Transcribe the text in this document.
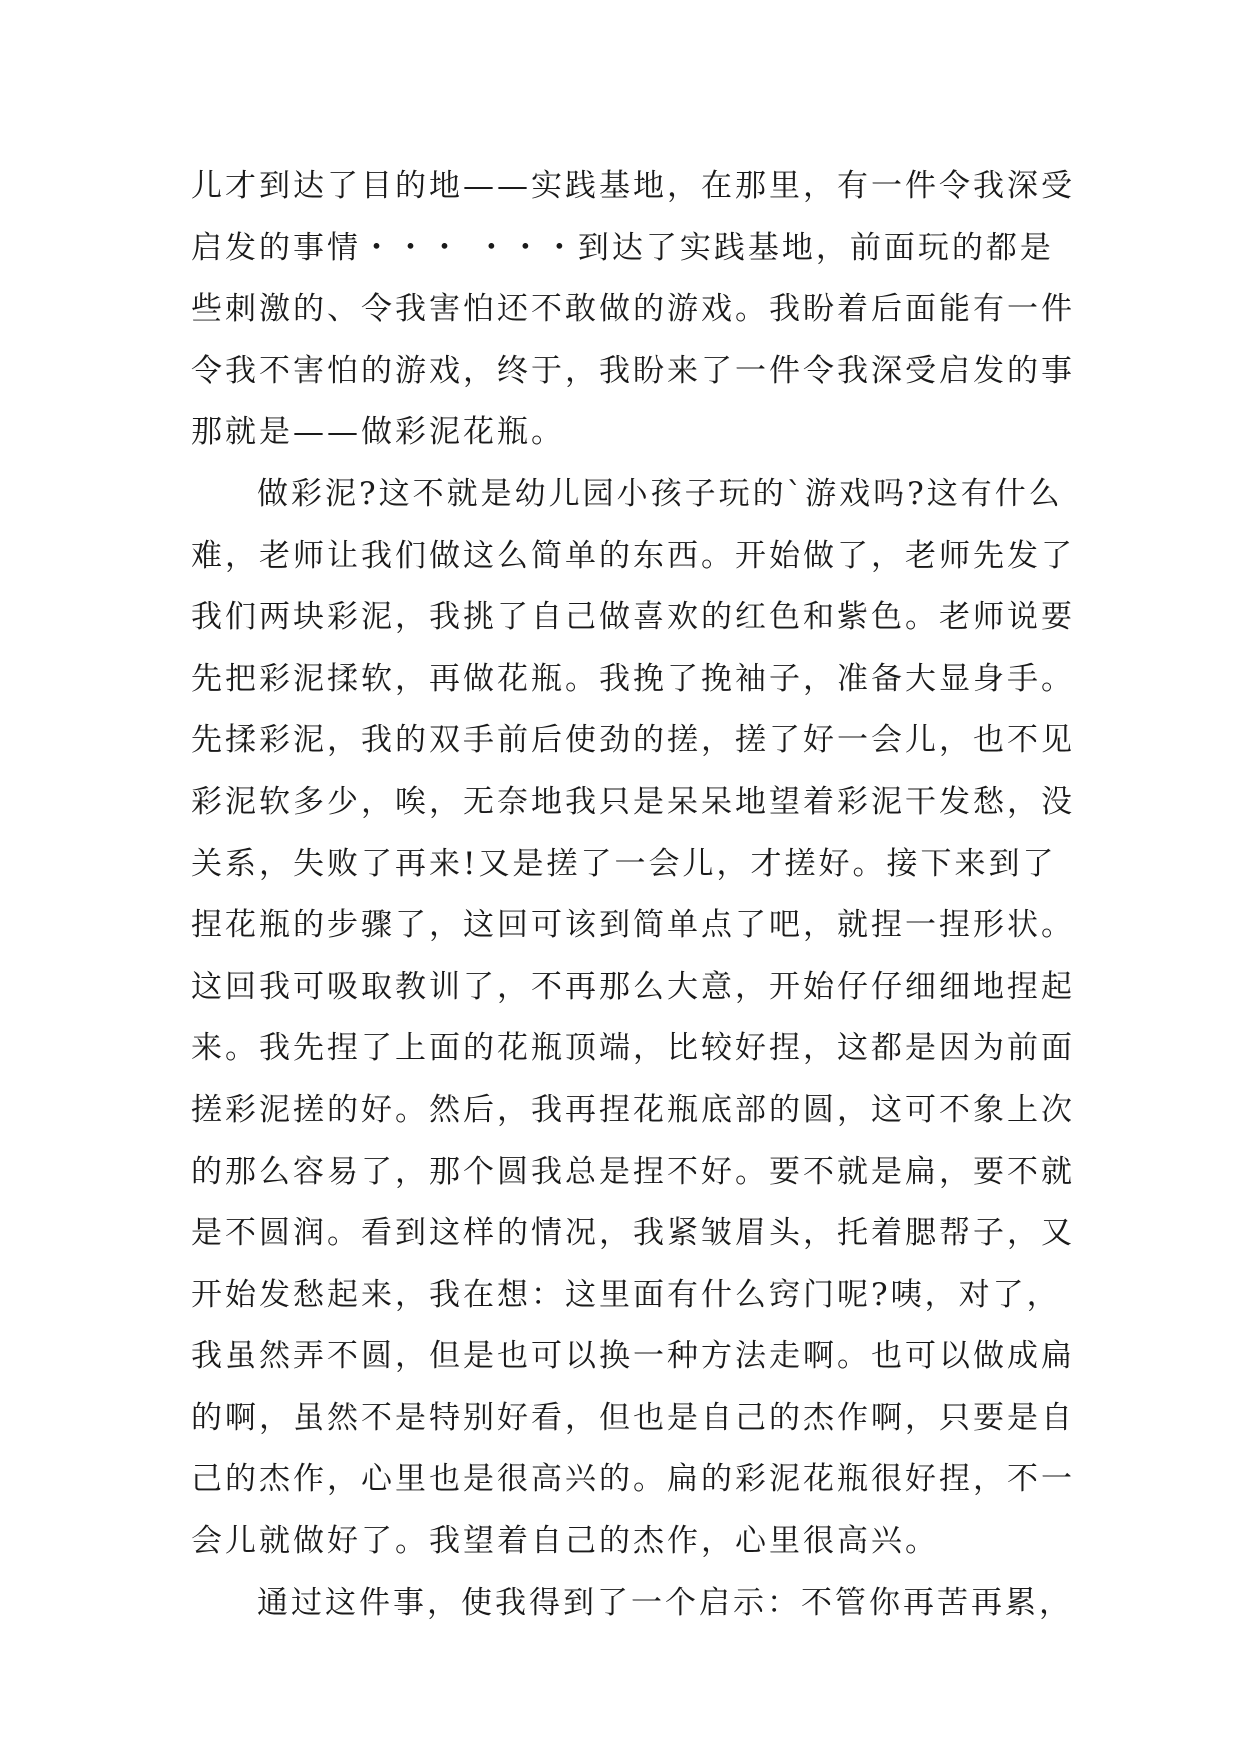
儿才到达了目的地——实践基地，在那里，有一件令我深受
启发的事情・・・ ・・・到达了实践基地，前面玩的都是
些刺激的、令我害怕还不敢做的游戏。我盼着后面能有一件
令我不害怕的游戏，终于，我盼来了一件令我深受启发的事
那就是——做彩泥花瓶。
做彩泥?这不就是幼儿园小孩子玩的`游戏吗?这有什么
难，老师让我们做这么简单的东西。开始做了，老师先发了
我们两块彩泥，我挑了自己做喜欢的红色和紫色。老师说要
先把彩泥揉软，再做花瓶。我挽了挽袖子，准备大显身手。
先揉彩泥，我的双手前后使劲的搓，搓了好一会儿，也不见
彩泥软多少，唉，无奈地我只是呆呆地望着彩泥干发愁，没
关系，失败了再来!又是搓了一会儿，才搓好。接下来到了
捏花瓶的步骤了，这回可该到简单点了吧，就捏一捏形状。
这回我可吸取教训了，不再那么大意，开始仔仔细细地捏起
来。我先捏了上面的花瓶顶端，比较好捏，这都是因为前面
搓彩泥搓的好。然后，我再捏花瓶底部的圆，这可不象上次
的那么容易了，那个圆我总是捏不好。要不就是扁，要不就
是不圆润。看到这样的情况，我紧皱眉头，托着腮帮子，又
开始发愁起来，我在想：这里面有什么窍门呢?咦，对了，
我虽然弄不圆，但是也可以换一种方法走啊。也可以做成扁
的啊，虽然不是特别好看，但也是自己的杰作啊，只要是自
己的杰作，心里也是很高兴的。扁的彩泥花瓶很好捏，不一
会儿就做好了。我望着自己的杰作，心里很高兴。
通过这件事，使我得到了一个启示：不管你再苦再累，
